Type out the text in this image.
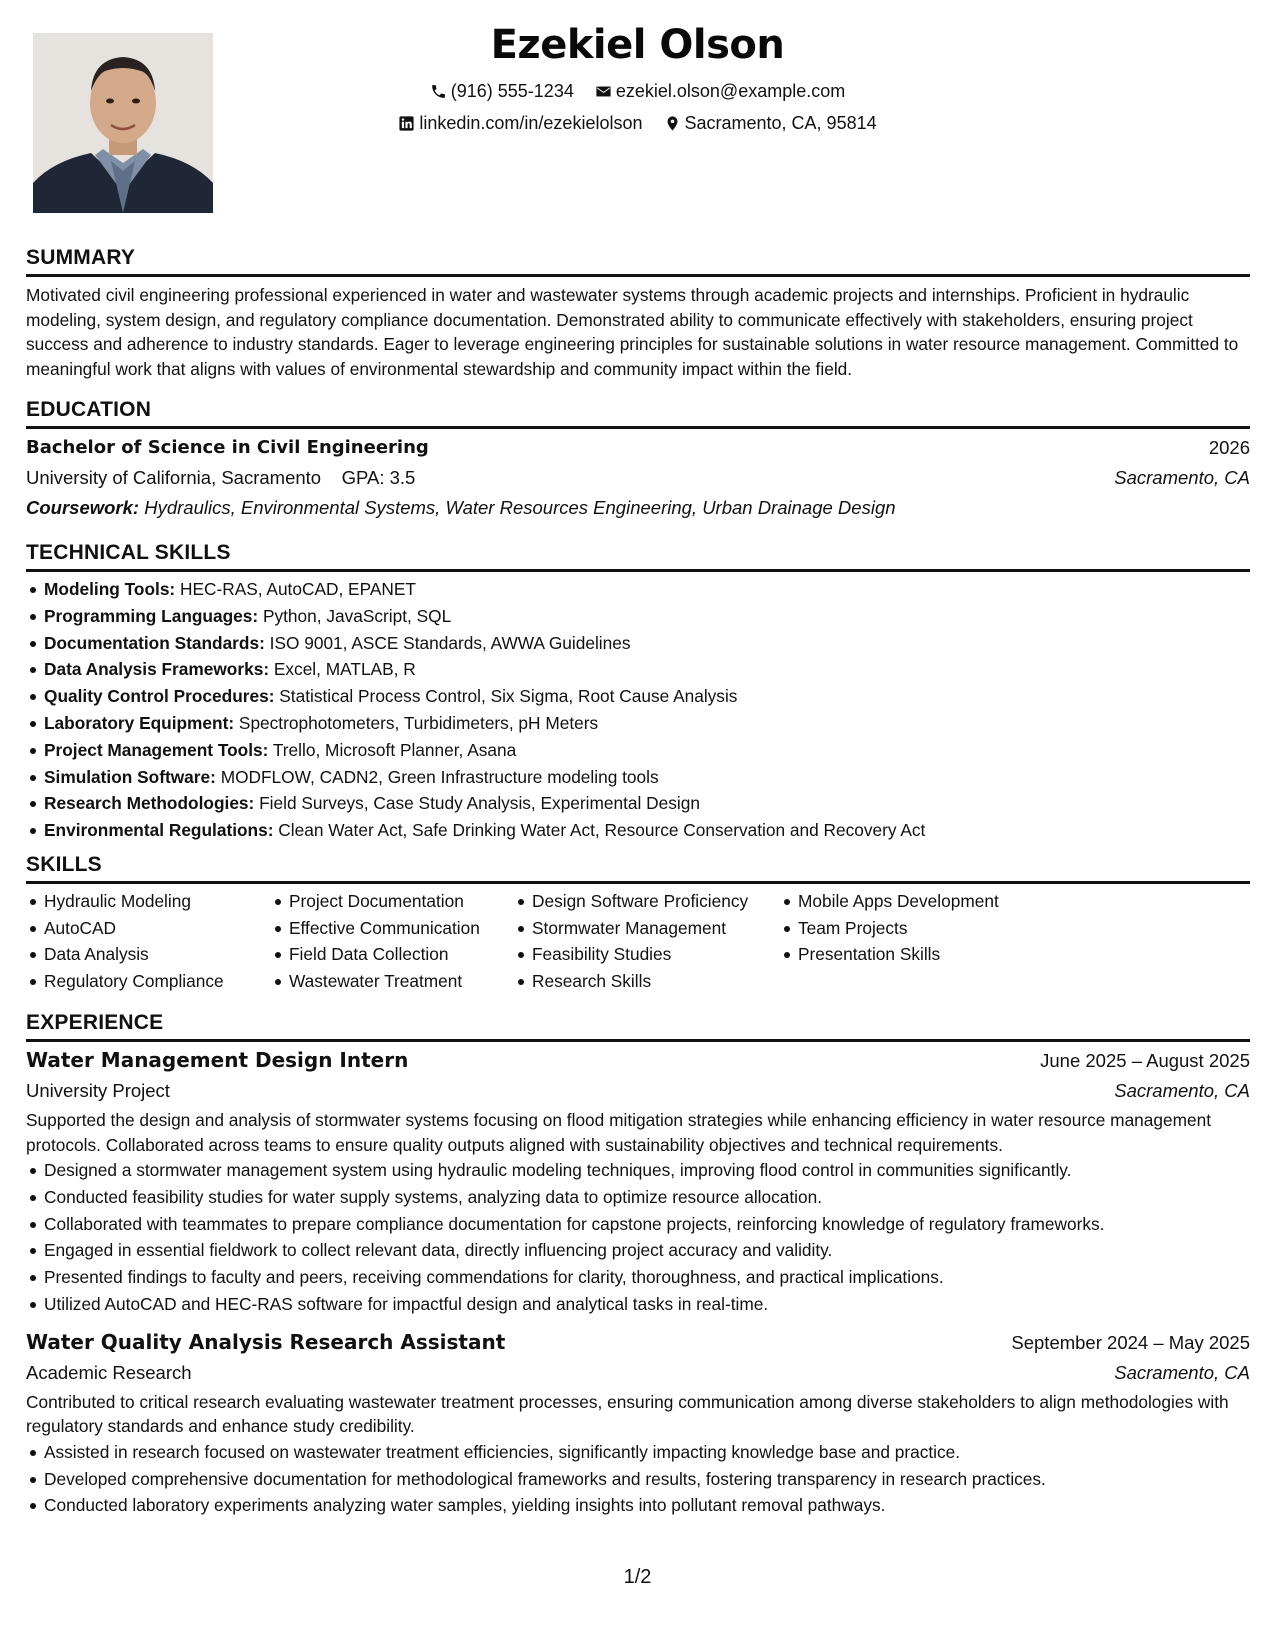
Ezekiel Olson
(916) 555-1234 ezekiel.olson@example.com
linkedin.com/in/ezekielolson Sacramento, CA, 95814
SUMMARY

Motivated civil engineering professional experienced in water and wastewater systems through academic projects and internships. Proficient in hydraulic modeling, system design, and regulatory compliance documentation. Demonstrated ability to communicate effectively with stakeholders, ensuring project success and adherence to industry standards. Eager to leverage engineering principles for sustainable solutions in water resource management. Committed to meaningful work that aligns with values of environmental stewardship and community impact within the field.

EDUCATION
Bachelor of Science in Civil Engineering	2026
University of California, Sacramento GPA: 3.5	Sacramento, CA
Coursework: Hydraulics, Environmental Systems, Water Resources Engineering, Urban Drainage Design
TECHNICAL SKILLS
Modeling Tools: HEC-RAS, AutoCAD, EPANET
Programming Languages: Python, JavaScript, SQL
Documentation Standards: ISO 9001, ASCE Standards, AWWA Guidelines
Data Analysis Frameworks: Excel, MATLAB, R
Quality Control Procedures: Statistical Process Control, Six Sigma, Root Cause Analysis
Laboratory Equipment: Spectrophotometers, Turbidimeters, pH Meters
Project Management Tools: Trello, Microsoft Planner, Asana
Simulation Software: MODFLOW, CADN2, Green Infrastructure modeling tools
Research Methodologies: Field Surveys, Case Study Analysis, Experimental Design
Environmental Regulations: Clean Water Act, Safe Drinking Water Act, Resource Conservation and Recovery Act
SKILLS
Hydraulic Modeling
AutoCAD
Data Analysis
Regulatory Compliance
Project Documentation
Effective Communication
Field Data Collection
Wastewater Treatment
Design Software Proficiency
Stormwater Management
Feasibility Studies
Research Skills
Mobile Apps Development
Team Projects
Presentation Skills
EXPERIENCE
Water Management Design Intern	June 2025 – August 2025
University Project	Sacramento, CA

Supported the design and analysis of stormwater systems focusing on flood mitigation strategies while enhancing efficiency in water resource management protocols. Collaborated across teams to ensure quality outputs aligned with sustainability objectives and technical requirements.

Designed a stormwater management system using hydraulic modeling techniques, improving flood control in communities significantly.
Conducted feasibility studies for water supply systems, analyzing data to optimize resource allocation.
Collaborated with teammates to prepare compliance documentation for capstone projects, reinforcing knowledge of regulatory frameworks.
Engaged in essential fieldwork to collect relevant data, directly influencing project accuracy and validity.
Presented findings to faculty and peers, receiving commendations for clarity, thoroughness, and practical implications.
Utilized AutoCAD and HEC-RAS software for impactful design and analytical tasks in real-time.
Water Quality Analysis Research Assistant	September 2024 – May 2025
Academic Research	Sacramento, CA

Contributed to critical research evaluating wastewater treatment processes, ensuring communication among diverse stakeholders to align methodologies with regulatory standards and enhance study credibility.

Assisted in research focused on wastewater treatment efficiencies, significantly impacting knowledge base and practice.
Developed comprehensive documentation for methodological frameworks and results, fostering transparency in research practices.
Conducted laboratory experiments analyzing water samples, yielding insights into pollutant removal pathways.
1/2
